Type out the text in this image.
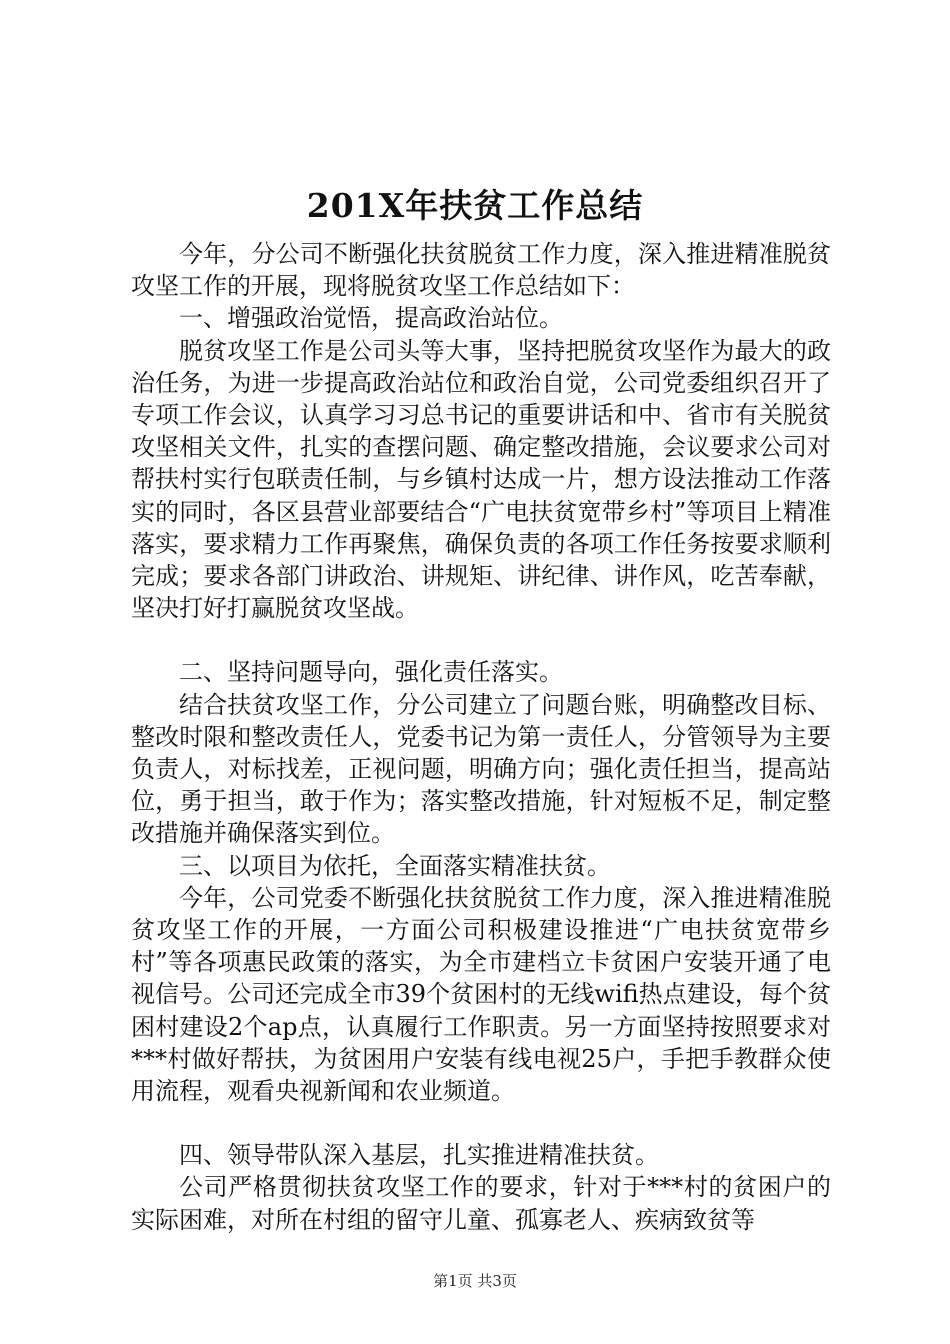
201X年扶贫工作总结

今年，分公司不断强化扶贫脱贫工作力度，深入推进精准脱贫攻坚工作的开展，现将脱贫攻坚工作总结如下：

一、增强政治觉悟，提高政治站位。

脱贫攻坚工作是公司头等大事，坚持把脱贫攻坚作为最大的政治任务，为进一步提高政治站位和政治自觉，公司党委组织召开了专项工作会议，认真学习习总书记的重要讲话和中、省市有关脱贫攻坚相关文件，扎实的查摆问题、确定整改措施，会议要求公司对帮扶村实行包联责任制，与乡镇村达成一片，想方设法推动工作落实的同时，各区县营业部要结合“广电扶贫宽带乡村”等项目上精准落实，要求精力工作再聚焦，确保负责的各项工作任务按要求顺利完成；要求各部门讲政治、讲规矩、讲纪律、讲作风，吃苦奉献，坚决打好打赢脱贫攻坚战。

二、坚持问题导向，强化责任落实。

结合扶贫攻坚工作，分公司建立了问题台账，明确整改目标、整改时限和整改责任人，党委书记为第一责任人，分管领导为主要负责人，对标找差，正视问题，明确方向；强化责任担当，提高站位，勇于担当，敢于作为；落实整改措施，针对短板不足，制定整改措施并确保落实到位。

三、以项目为依托，全面落实精准扶贫。

今年，公司党委不断强化扶贫脱贫工作力度，深入推进精准脱贫攻坚工作的开展，一方面公司积极建设推进“广电扶贫宽带乡村”等各项惠民政策的落实，为全市建档立卡贫困户安装开通了电视信号。公司还完成全市39个贫困村的无线wifi热点建设，每个贫困村建设2个ap点，认真履行工作职责。另一方面坚持按照要求对***村做好帮扶，为贫困用户安装有线电视25户，手把手教群众使用流程，观看央视新闻和农业频道。

四、领导带队深入基层，扎实推进精准扶贫。

公司严格贯彻扶贫攻坚工作的要求，针对于***村的贫困户的实际困难，对所在村组的留守儿童、孤寡老人、疾病致贫等

第1页 共3页
